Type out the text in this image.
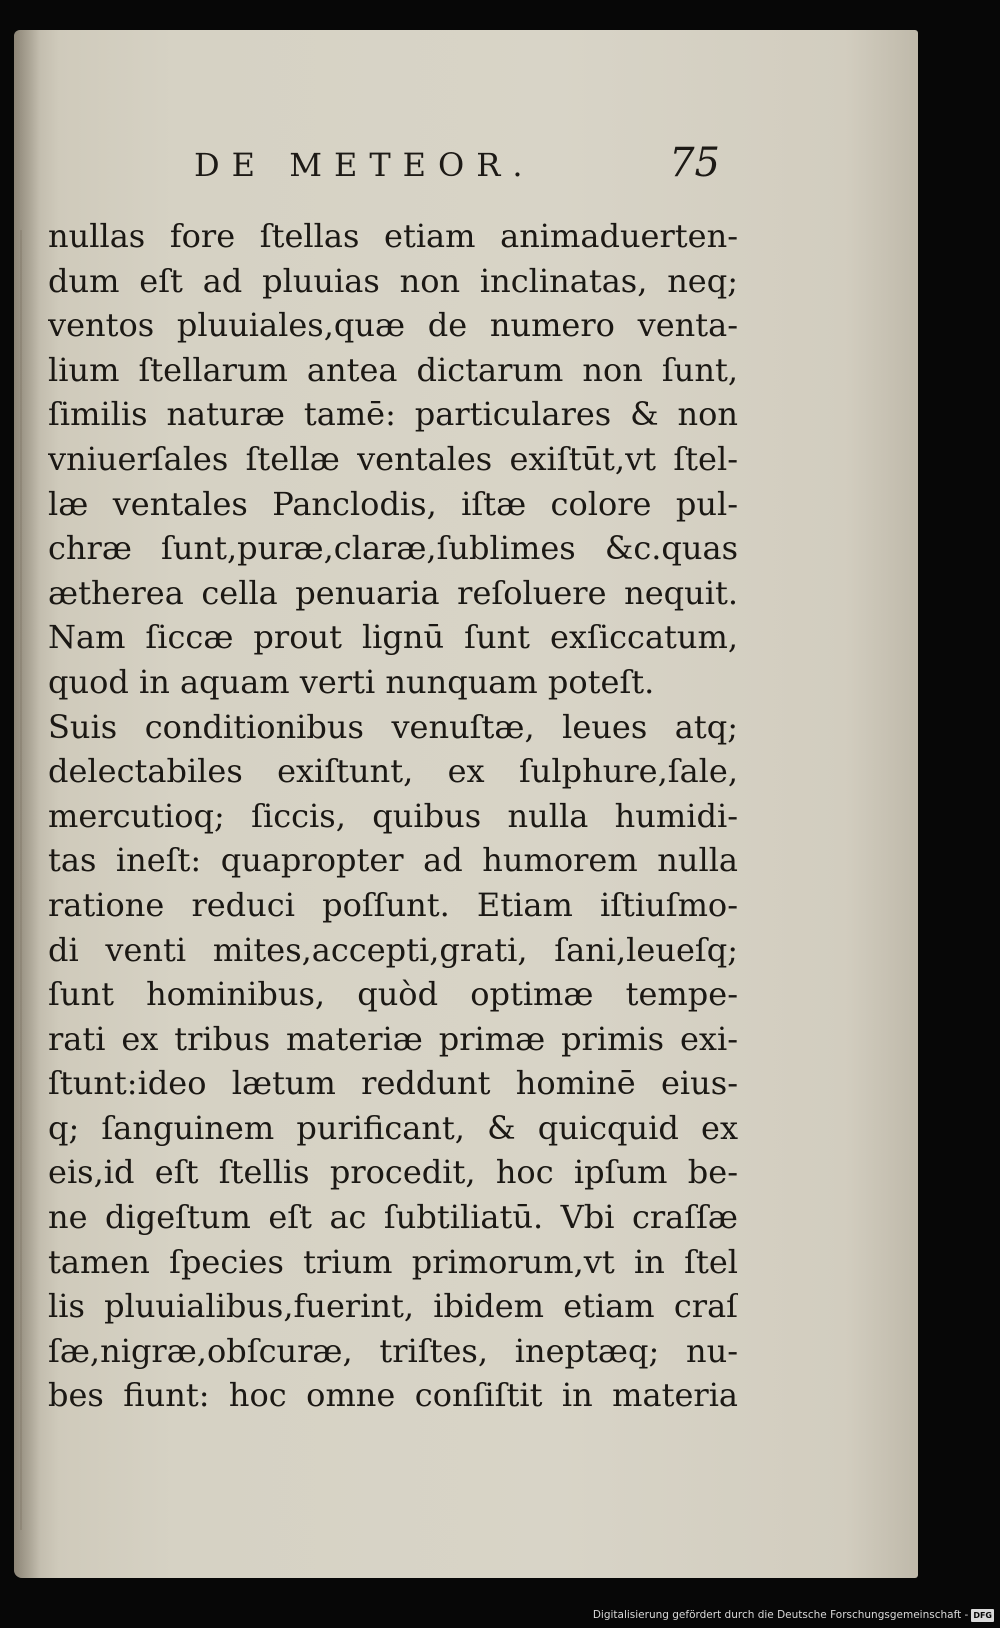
DE METEOR.	75
nullas fore ſtellas etiam animaduerten-
dum eſt ad pluuias non inclinatas, neq;
ventos pluuiales,quæ de numero venta-
lium ſtellarum antea dictarum non ſunt,
ſimilis naturæ tamē: particulares & non
vniuerſales ſtellæ ventales exiſtūt,vt ſtel-
læ ventales Panclodis, iſtæ colore pul-
chræ ſunt,puræ,claræ,ſublimes &c.quas
ætherea cella penuaria reſoluere nequit.
Nam ſiccæ prout lignū ſunt exſiccatum,
quod in aquam verti nunquam poteſt.
Suis conditionibus venuſtæ, leues atq;
delectabiles exiſtunt, ex ſulphure,ſale,
mercutioq; ſiccis, quibus nulla humidi-
tas ineſt: quapropter ad humorem nulla
ratione reduci poſſunt. Etiam iſtiuſmo-
di venti mites,accepti,grati, ſani,leueſq;
ſunt hominibus, quòd optimæ tempe-
rati ex tribus materiæ primæ primis exi-
ſtunt:ideo lætum reddunt hominē eius-
q; ſanguinem purificant, & quicquid ex
eis,id eſt ſtellis procedit, hoc ipſum be-
ne digeſtum eſt ac ſubtiliatū. Vbi craſſæ
tamen ſpecies trium primorum,vt in ſtel
lis pluuialibus,fuerint, ibidem etiam craſ
ſæ,nigræ,obſcuræ, triſtes, ineptæq; nu-
bes fiunt: hoc omne conſiſtit in materia
Digitalisierung gefördert durch die Deutsche Forschungsgemeinschaft - DFG
